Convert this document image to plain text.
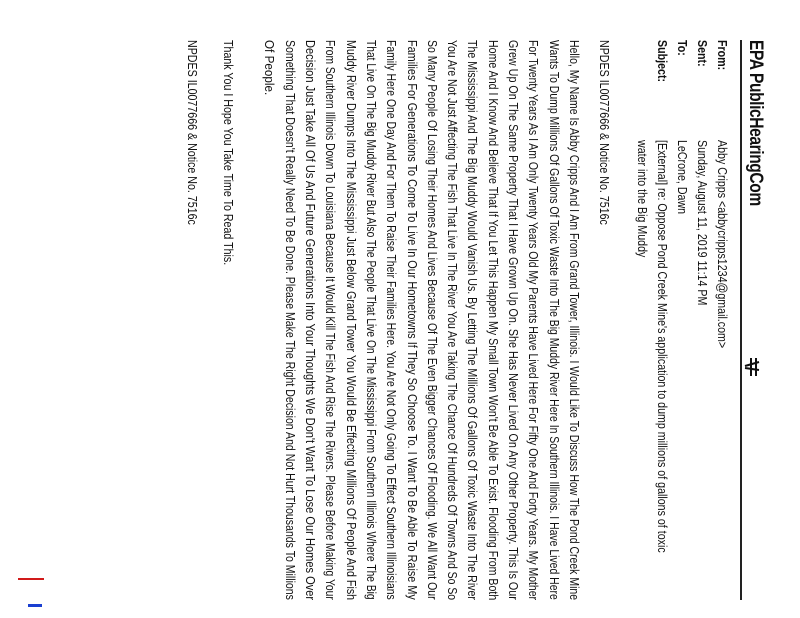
EPA PublicHearingCom
From:
Abby Cripps <abbycripps1234@gmail.com>
Sent:
Sunday, August 11, 2019 11:14 PM
To:
LeCrone, Dawn
Subject:
[External] re: Oppose Pond Creek Mine's application to dump millions of gallons of toxic
water into the Big Muddy
NPDES IL0077666 & Notice No. 7516c
Hello, My Name Is Abby Cripps And I Am From Grand Tower, Illinois. I Would Like To Discuss How The Pond Creek Mine
Wants To Dump Millions Of Gallons Of Toxic Waste Into The Big Muddy River Here In Southern Illinois. I Have Lived Here
For Twenty Years As I Am Only Twenty Years Old My Parents Have Lived Here For Fifty One And Forty Years. My Mother
Grew Up On The Same Property That I Have Grown Up On. She Has Never Lived On Any Other Property. This Is Our
Home And I Know And Believe That If You Let This Happen My Small Town Won't Be Able To Exist. Flooding From Both
The Mississippi And The Big Muddy Would Vanish Us. By Letting The Millions Of Gallons Of Toxic Waste Into The River
You Are Not Just Affecting The Fish That Live In The River You Are Taking The Chance Of Hundreds Of Towns And So So
So Many People Of Losing Their Homes And Lives Because Of The Even Bigger Chances Of Flooding. We All Want Our
Families For Generations To Come To Live In Our Hometowns If They So Choose To. I Want To Be Able To Raise My
Family Here One Day And For Them To Raise Their Families Here. You Are Not Only Going To Effect Southern Illinoisians
That Live On The Big Muddy River But Also The People That Live On The Mississippi From Southern Illinois Where The Big
Muddy River Dumps Into The Mississippi Just Below Grand Tower You Would Be Effecting Millions Of People And Fish
From Southern Illinois Down To Louisiana Because It Would Kill The Fish And Rise The Rivers. Please Before Making Your
Decision Just Take All Of Us And Future Generations Into Your Thoughts We Don't Want To Lose Our Homes Over
Something That Doesn't Really Need To Be Done. Please Make The Right Decision And Not Hurt Thousands To Millions
Of People.
Thank You I Hope You Take Time To Read This.
NPDES IL0077666 & Notice No. 7516c
